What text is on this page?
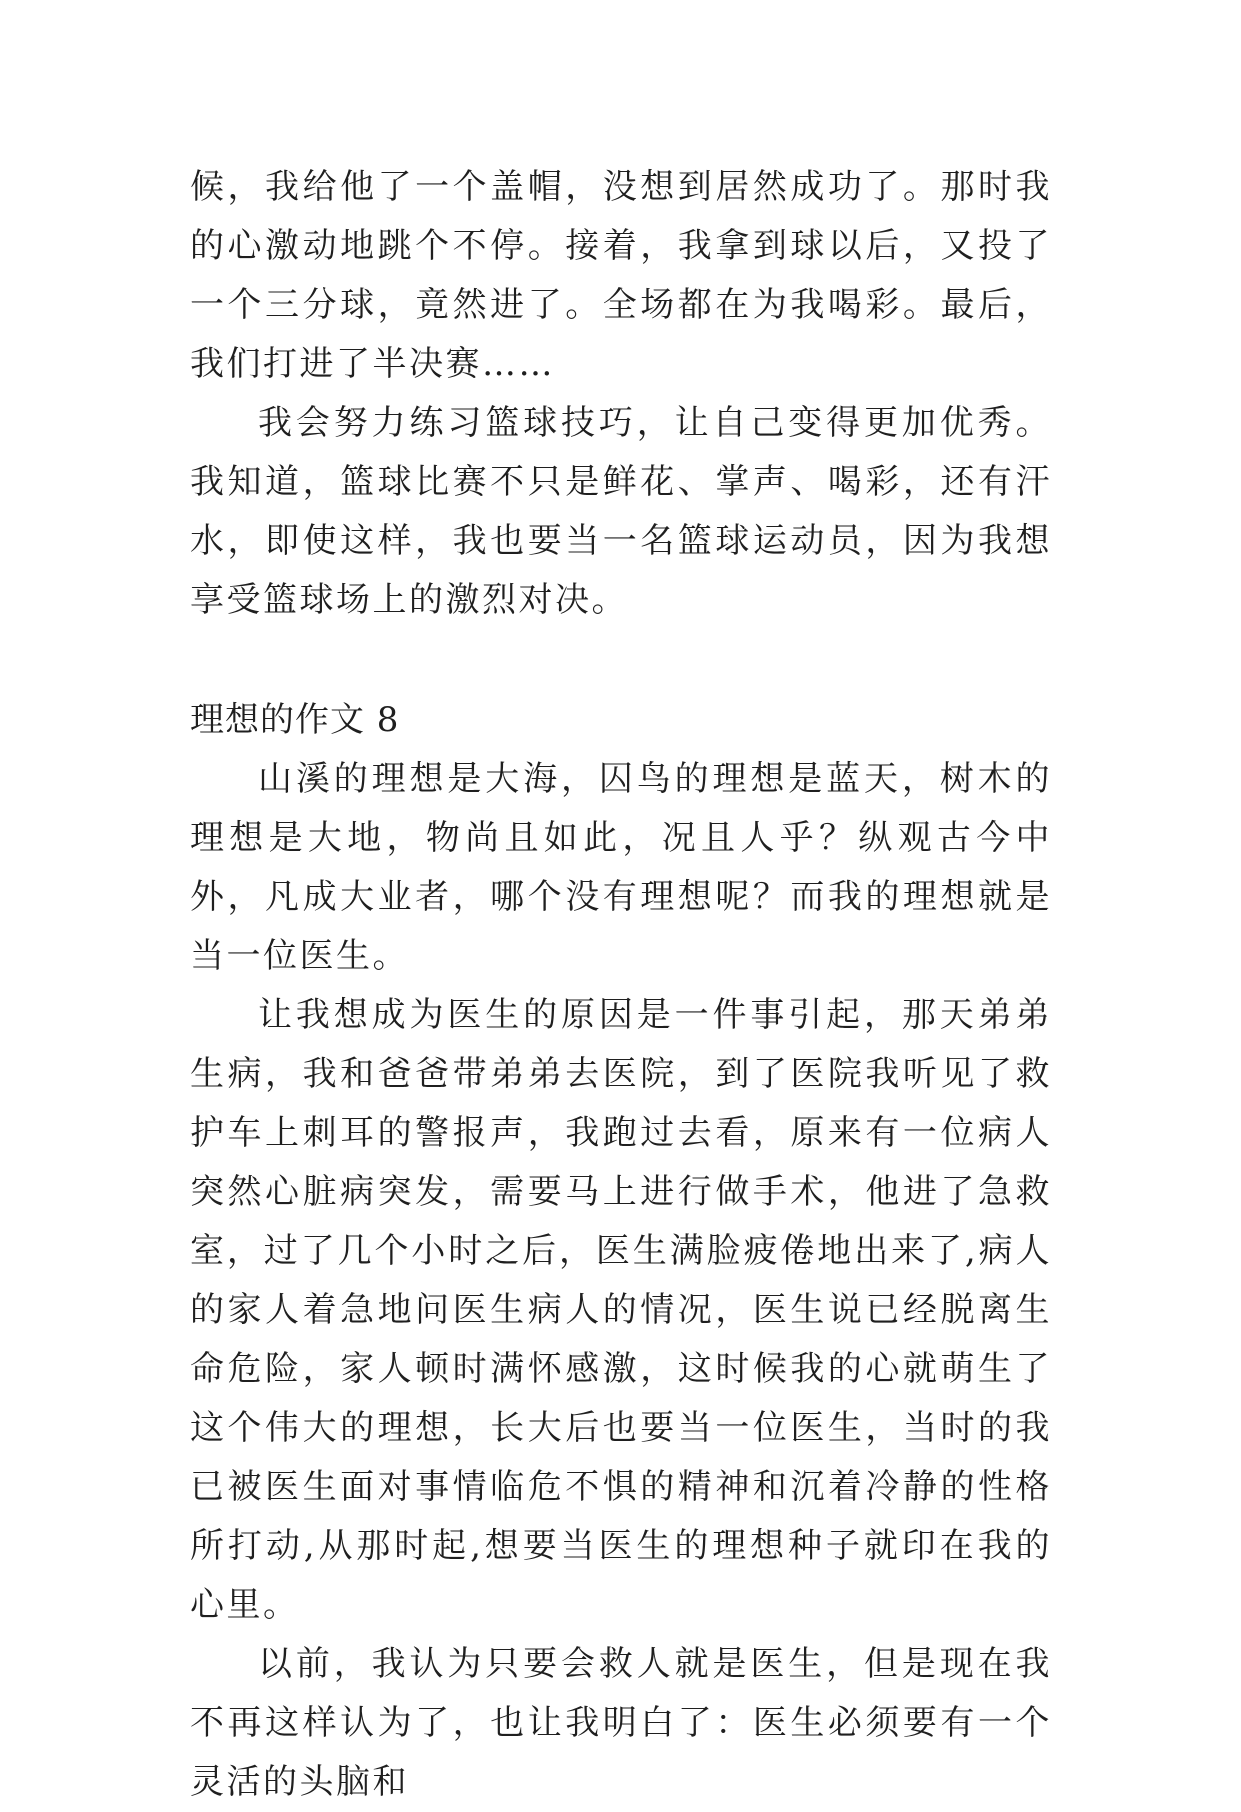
候，我给他了一个盖帽，没想到居然成功了。那时我的心激动地跳个不停。接着，我拿到球以后，又投了一个三分球，竟然进了。全场都在为我喝彩。最后，我们打进了半决赛……

我会努力练习篮球技巧，让自己变得更加优秀。我知道，篮球比赛不只是鲜花、掌声、喝彩，还有汗水，即使这样，我也要当一名篮球运动员，因为我想享受篮球场上的激烈对决。

理想的作文 8

山溪的理想是大海，囚鸟的理想是蓝天，树木的理想是大地，物尚且如此，况且人乎？纵观古今中外，凡成大业者，哪个没有理想呢？而我的理想就是当一位医生。

让我想成为医生的原因是一件事引起，那天弟弟生病，我和爸爸带弟弟去医院，到了医院我听见了救护车上刺耳的警报声，我跑过去看，原来有一位病人突然心脏病突发，需要马上进行做手术，他进了急救室，过了几个小时之后，医生满脸疲倦地出来了,病人的家人着急地问医生病人的情况，医生说已经脱离生命危险，家人顿时满怀感激，这时候我的心就萌生了这个伟大的理想，长大后也要当一位医生，当时的我已被医生面对事情临危不惧的精神和沉着冷静的性格所打动,从那时起,想要当医生的理想种子就印在我的心里。

以前，我认为只要会救人就是医生，但是现在我不再这样认为了，也让我明白了：医生必须要有一个灵活的头脑和
